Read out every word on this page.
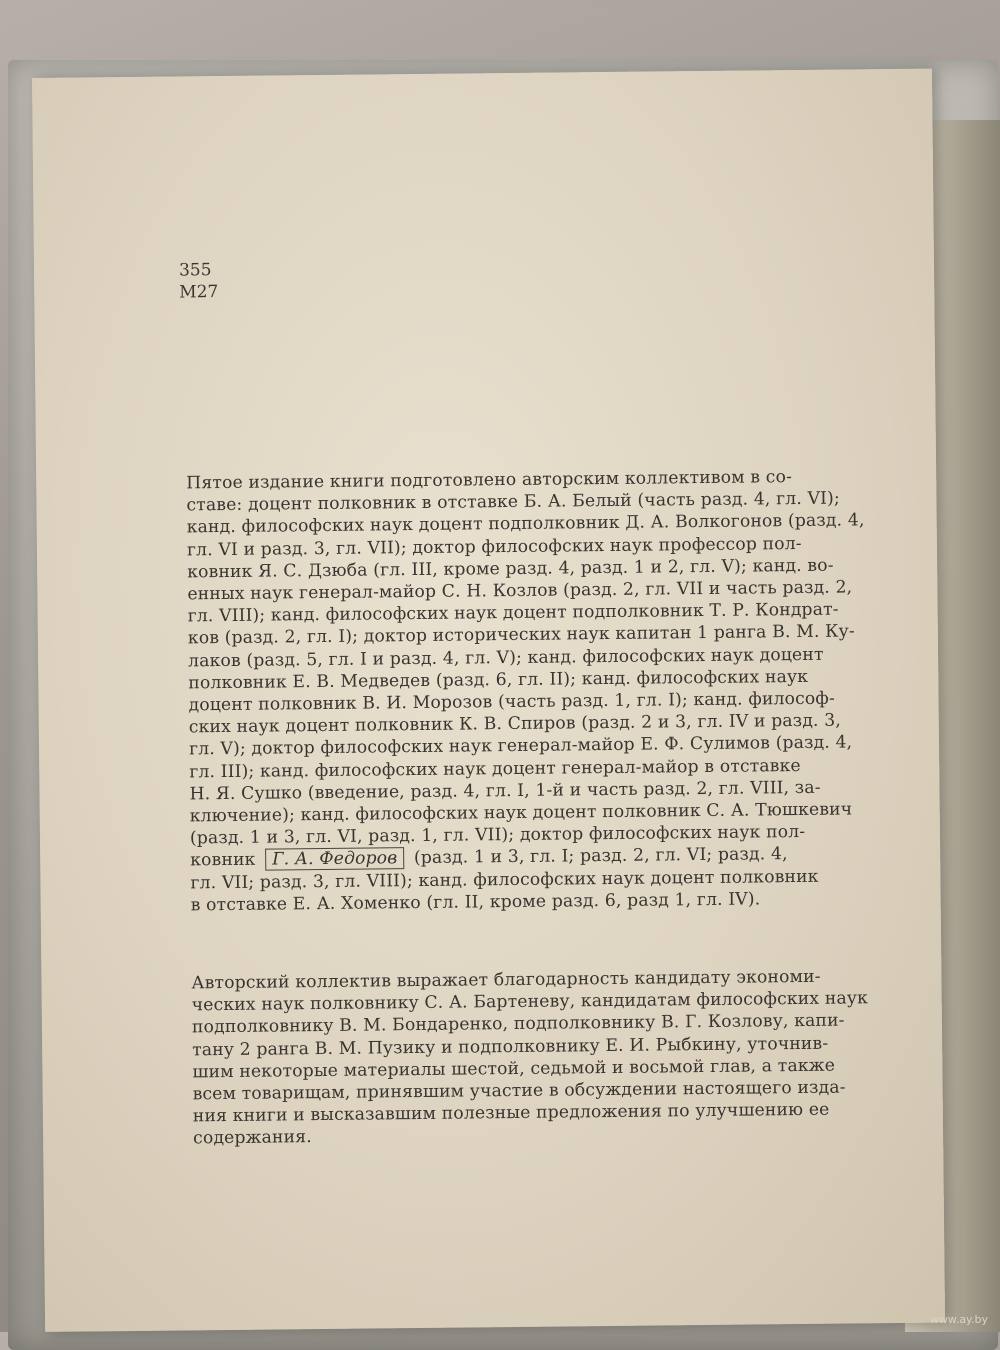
355
М27
Пятое издание книги подготовлено авторским коллективом в со-
ставе: доцент полковник в отставке Б. А. Белый (часть разд. 4, гл. VI);
канд. философских наук доцент подполковник Д. А. Волкогонов (разд. 4,
гл. VI и разд. 3, гл. VII); доктор философских наук профессор пол-
ковник Я. С. Дзюба (гл. III, кроме разд. 4, разд. 1 и 2, гл. V); канд. во-
енных наук генерал-майор С. Н. Козлов (разд. 2, гл. VII и часть разд. 2,
гл. VIII); канд. философских наук доцент подполковник Т. Р. Кондрат-
ков (разд. 2, гл. I); доктор исторических наук капитан 1 ранга В. М. Ку-
лаков (разд. 5, гл. I и разд. 4, гл. V); канд. философских наук доцент
полковник Е. В. Медведев (разд. 6, гл. II); канд. философских наук
доцент полковник В. И. Морозов (часть разд. 1, гл. I); канд. философ-
ских наук доцент полковник К. В. Спиров (разд. 2 и 3, гл. IV и разд. 3,
гл. V); доктор философских наук генерал-майор Е. Ф. Сулимов (разд. 4,
гл. III); канд. философских наук доцент генерал-майор в отставке
Н. Я. Сушко (введение, разд. 4, гл. I, 1-й и часть разд. 2, гл. VIII, за-
ключение); канд. философских наук доцент полковник С. А. Тюшкевич
(разд. 1 и 3, гл. VI, разд. 1, гл. VII); доктор философских наук пол-
ковник Г. А. Федоров (разд. 1 и 3, гл. I; разд. 2, гл. VI; разд. 4,
гл. VII; разд. 3, гл. VIII); канд. философских наук доцент полковник
в отставке Е. А. Хоменко (гл. II, кроме разд. 6, разд 1, гл. IV).
Авторский коллектив выражает благодарность кандидату экономи-
ческих наук полковнику С. А. Бартеневу, кандидатам философских наук
подполковнику В. М. Бондаренко, подполковнику В. Г. Козлову, капи-
тану 2 ранга В. М. Пузику и подполковнику Е. И. Рыбкину, уточнив-
шим некоторые материалы шестой, седьмой и восьмой глав, а также
всем товарищам, принявшим участие в обсуждении настоящего изда-
ния книги и высказавшим полезные предложения по улучшению ее
содержания.
www.ay.by
